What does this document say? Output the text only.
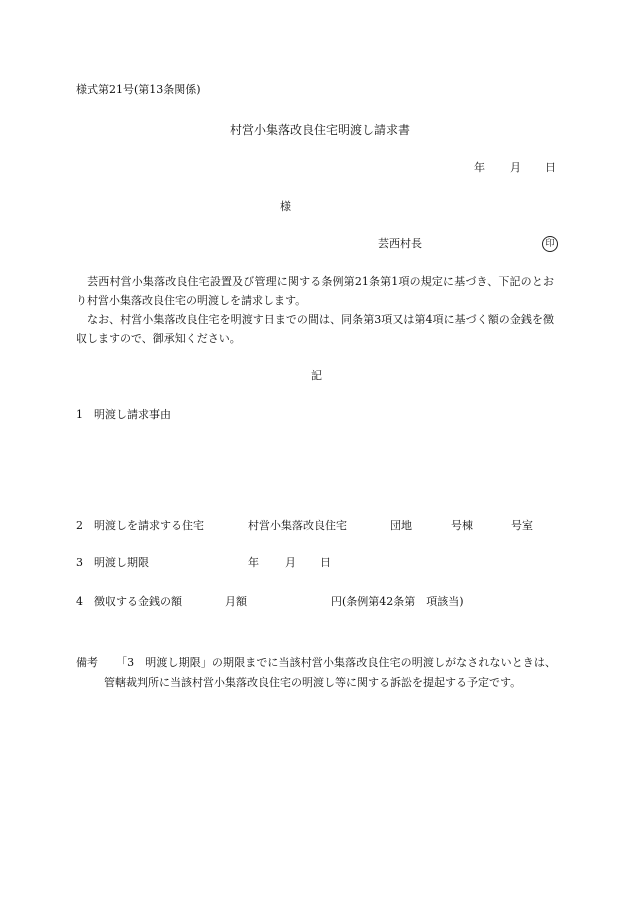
様式第21号(第13条関係)
村営小集落改良住宅明渡し請求書
年 月 日
様
芸西村長	印
芸西村営小集落改良住宅設置及び管理に関する条例第21条第1項の規定に基づき、下記のとおり村営小集落改良住宅の明渡しを請求します。
なお、村営小集落改良住宅を明渡す日までの間は、同条第3項又は第4項に基づく額の金銭を徴収しますので、御承知ください。
記
1　明渡し請求事由
2　明渡しを請求する住宅	村営小集落改良住宅	団地	号棟	号室
3　明渡し期限	年 月 日
4　徴収する金銭の額	月額	円(条例第42条第　項該当)
備考	「3　明渡し期限」の期限までに当該村営小集落改良住宅の明渡しがなされないときは、管轄裁判所に当該村営小集落改良住宅の明渡し等に関する訴訟を提起する予定です。
